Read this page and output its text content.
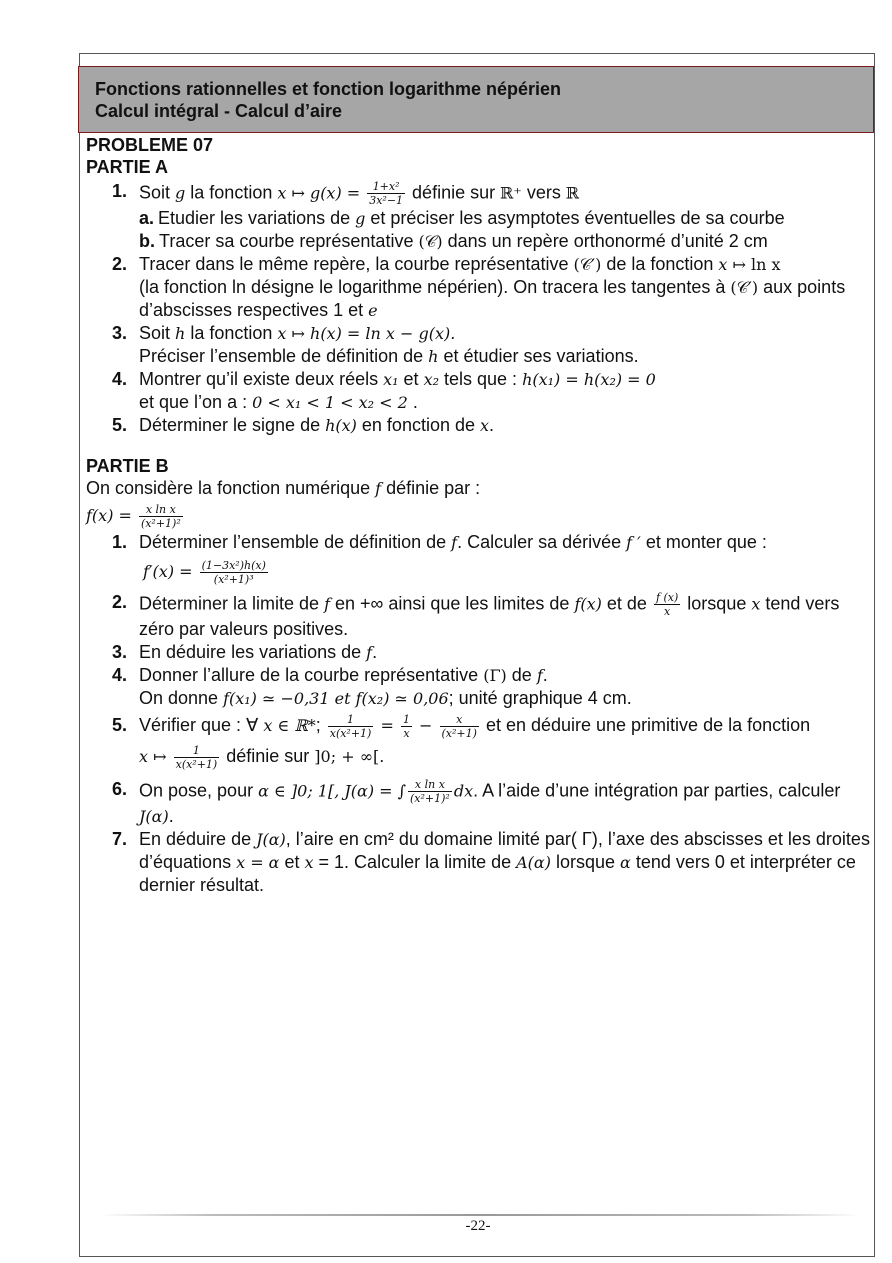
Fonctions rationnelles et fonction logarithme népérien
Calcul intégral - Calcul d’aire
PROBLEME 07
PARTIE A
1. Soit g la fonction x ↦ $g(x) = \frac{\text{1+x²}}{\text{3x²−1}}$ définie sur ℝ⁺ vers ℝ
a. Etudier les variations de g et préciser les asymptotes éventuelles de sa courbe
b. Tracer sa courbe représentative (𝒞) dans un repère orthonormé d’unité 2 cm
2. Tracer dans le même repère, la courbe représentative (𝒞′) de la fonction x ↦ ln x
(la fonction ln désigne le logarithme népérien). On tracera les tangentes à (𝒞′) aux points d’abscisses respectives 1 et e
3. Soit h la fonction x ↦ h(x) = ln x − g(x).
Préciser l’ensemble de définition de h et étudier ses variations.
4. Montrer qu’il existe deux réels x₁ et x₂ tels que : h(x₁) = h(x₂) = 0
et que l’on a : 0 < x₁ < 1 < x₂ < 2 .
5. Déterminer le signe de h(x) en fonction de x.
PARTIE B
On considère la fonction numérique f définie par :
$f(x) = \frac{\text{x ln x}}{\text{(x²+1)²}}$
1. Déterminer l’ensemble de définition de f. Calculer sa dérivée f ′ et monter que :
$f'(x) = \frac{\text{(1−3x²)h(x)}}{\text{(x²+1)³}}$
2. Déterminer la limite de f en +∞ ainsi que les limites de f(x) et de $\frac{f (x)}{x}$ lorsque x tend vers zéro par valeurs positives.
3. En déduire les variations de f.
4. Donner l’allure de la courbe représentative (Γ) de f.
On donne f(x₁) ≃ −0,31 et f(x₂) ≃ 0,06; unité graphique 4 cm.
5. Vérifier que : ∀ x ∈ ℝ*; $\frac{1}{\text{x(x²+1)}} = \frac{1}{x} - \frac{x}{\text{(x²+1)}}$ et en déduire une primitive de la fonction
x ↦ $\frac{1}{\text{x(x²+1)}}$ définie sur ]0; + ∞[.
6. On pose, pour α ∈ ]0; 1[, J(α) = ∫ $\frac{\text{x ln x}}{\text{(x²+1)²}}$ dx. A l’aide d’une intégration par parties, calculer J(α).
7. En déduire de J(α), l’aire en cm² du domaine limité par( Γ), l’axe des abscisses et les droites d’équations x = α et x = 1. Calculer la limite de A(α) lorsque α tend vers 0 et interpréter ce dernier résultat.
-22-
